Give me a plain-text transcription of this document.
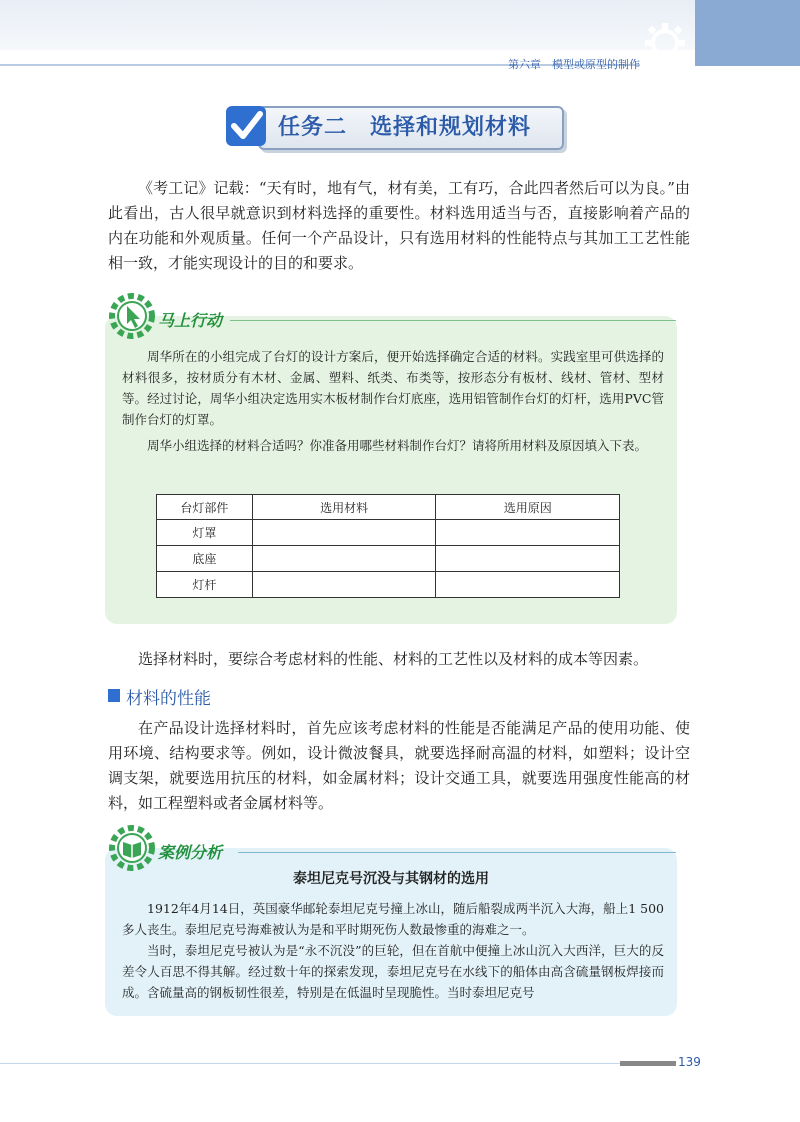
第六章　模型或原型的制作
任务二　选择和规划材料

《考工记》记载：“天有时，地有气，材有美，工有巧，合此四者然后可以为良。”由此看出，古人很早就意识到材料选择的重要性。材料选用适当与否，直接影响着产品的内在功能和外观质量。任何一个产品设计，只有选用材料的性能特点与其加工工艺性能相一致，才能实现设计的目的和要求。

马上行动

周华所在的小组完成了台灯的设计方案后，便开始选择确定合适的材料。实践室里可供选择的材料很多，按材质分有木材、金属、塑料、纸类、布类等，按形态分有板材、线材、管材、型材等。经过讨论，周华小组决定选用实木板材制作台灯底座，选用铝管制作台灯的灯杆，选用PVC管制作台灯的灯罩。

周华小组选择的材料合适吗？你准备用哪些材料制作台灯？请将所用材料及原因填入下表。

台灯部件	选用材料	选用原因
灯罩		
底座		
灯杆		

选择材料时，要综合考虑材料的性能、材料的工艺性以及材料的成本等因素。

材料的性能

在产品设计选择材料时，首先应该考虑材料的性能是否能满足产品的使用功能、使用环境、结构要求等。例如，设计微波餐具，就要选择耐高温的材料，如塑料；设计空调支架，就要选用抗压的材料，如金属材料；设计交通工具，就要选用强度性能高的材料，如工程塑料或者金属材料等。

案例分析
泰坦尼克号沉没与其钢材的选用

1912年4月14日，英国豪华邮轮泰坦尼克号撞上冰山，随后船裂成两半沉入大海，船上1 500多人丧生。泰坦尼克号海难被认为是和平时期死伤人数最惨重的海难之一。

当时，泰坦尼克号被认为是“永不沉没”的巨轮，但在首航中便撞上冰山沉入大西洋，巨大的反差令人百思不得其解。经过数十年的探索发现，泰坦尼克号在水线下的船体由高含硫量钢板焊接而成。含硫量高的钢板韧性很差，特别是在低温时呈现脆性。当时泰坦尼克号

139
